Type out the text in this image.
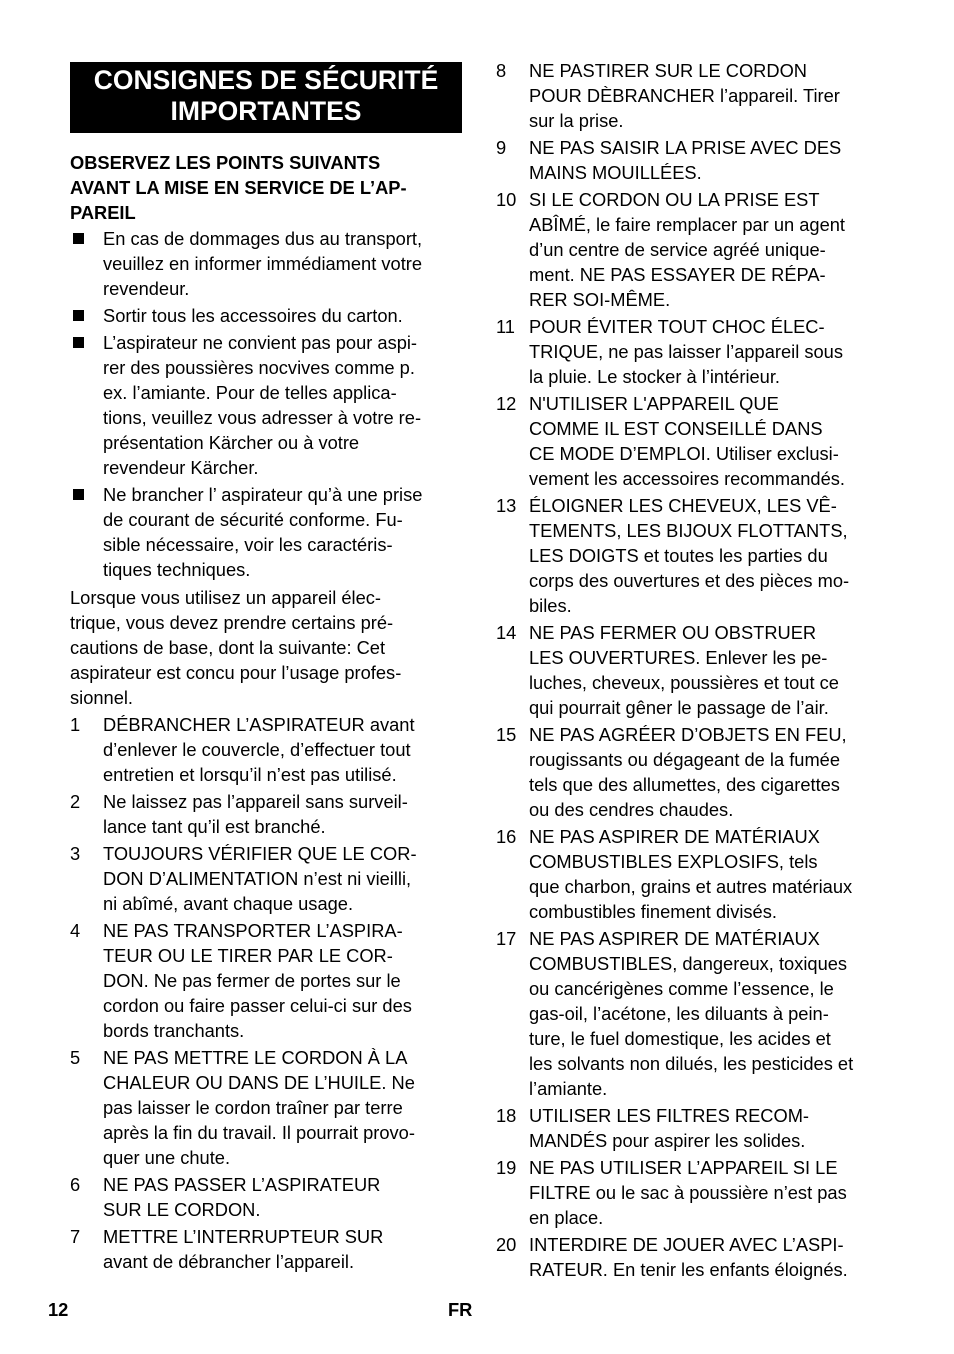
CONSIGNES DE SÉCURITÉ
IMPORTANTES
OBSERVEZ LES POINTS SUIVANTS
AVANT LA MISE EN SERVICE DE L’AP-
PAREIL
En cas de dommages dus au transport,
veuillez en informer immédiament votre
revendeur.
Sortir tous les accessoires du carton.
L’aspirateur ne convient pas pour aspi-
rer des poussières nocvives comme p.
ex. l’amiante. Pour de telles applica-
tions, veuillez vous adresser à votre re-
présentation Kärcher ou à votre
revendeur Kärcher.
Ne brancher l’ aspirateur qu’à une prise
de courant de sécurité conforme. Fu-
sible nécessaire, voir les caractéris-
tiques techniques.
Lorsque vous utilisez un appareil élec-
trique, vous devez prendre certains pré-
cautions de base, dont la suivante: Cet
aspirateur est concu pour l’usage profes-
sionnel.
1 DÉBRANCHER L’ASPIRATEUR avant
d’enlever le couvercle, d’effectuer tout
entretien et lorsqu’il n’est pas utilisé.
2 Ne laissez pas l’appareil sans surveil-
lance tant qu’il est branché.
3 TOUJOURS VÉRIFIER QUE LE COR-
DON D’ALIMENTATION n’est ni vieilli,
ni abîmé, avant chaque usage.
4 NE PAS TRANSPORTER L’ASPIRA-
TEUR OU LE TIRER PAR LE COR-
DON. Ne pas fermer de portes sur le
cordon ou faire passer celui-ci sur des
bords tranchants.
5 NE PAS METTRE LE CORDON À LA
CHALEUR OU DANS DE L’HUILE. Ne
pas laisser le cordon traîner par terre
après la fin du travail. Il pourrait provo-
quer une chute.
6 NE PAS PASSER L’ASPIRATEUR
SUR LE CORDON.
7 METTRE L’INTERRUPTEUR SUR
avant de débrancher l’appareil.
8 NE PASTIRER SUR LE CORDON
POUR DÈBRANCHER l’appareil. Tirer
sur la prise.
9 NE PAS SAISIR LA PRISE AVEC DES
MAINS MOUILLÉES.
10 SI LE CORDON OU LA PRISE EST
ABÎMÉ, le faire remplacer par un agent
d’un centre de service agréé unique-
ment. NE PAS ESSAYER DE RÉPA-
RER SOI-MÊME.
11 POUR ÉVITER TOUT CHOC ÉLEC-
TRIQUE, ne pas laisser l’appareil sous
la pluie. Le stocker à l’intérieur.
12 N'UTILISER L'APPAREIL QUE
COMME IL EST CONSEILLÉ DANS
CE MODE D’EMPLOI. Utiliser exclusi-
vement les accessoires recommandés.
13 ÉLOIGNER LES CHEVEUX, LES VÊ-
TEMENTS, LES BIJOUX FLOTTANTS,
LES DOIGTS et toutes les parties du
corps des ouvertures et des pièces mo-
biles.
14 NE PAS FERMER OU OBSTRUER
LES OUVERTURES. Enlever les pe-
luches, cheveux, poussières et tout ce
qui pourrait gêner le passage de l’air.
15 NE PAS AGRÉER D’OBJETS EN FEU,
rougissants ou dégageant de la fumée
tels que des allumettes, des cigarettes
ou des cendres chaudes.
16 NE PAS ASPIRER DE MATÉRIAUX
COMBUSTIBLES EXPLOSIFS, tels
que charbon, grains et autres matériaux
combustibles finement divisés.
17 NE PAS ASPIRER DE MATÉRIAUX
COMBUSTIBLES, dangereux, toxiques
ou cancérigènes comme l’essence, le
gas-oil, l’acétone, les diluants à pein-
ture, le fuel domestique, les acides et
les solvants non dilués, les pesticides et
l’amiante.
18 UTILISER LES FILTRES RECOM-
MANDÉS pour aspirer les solides.
19 NE PAS UTILISER L’APPAREIL SI LE
FILTRE ou le sac à poussière n’est pas
en place.
20 INTERDIRE DE JOUER AVEC L’ASPI-
RATEUR. En tenir les enfants éloignés.
12	FR
